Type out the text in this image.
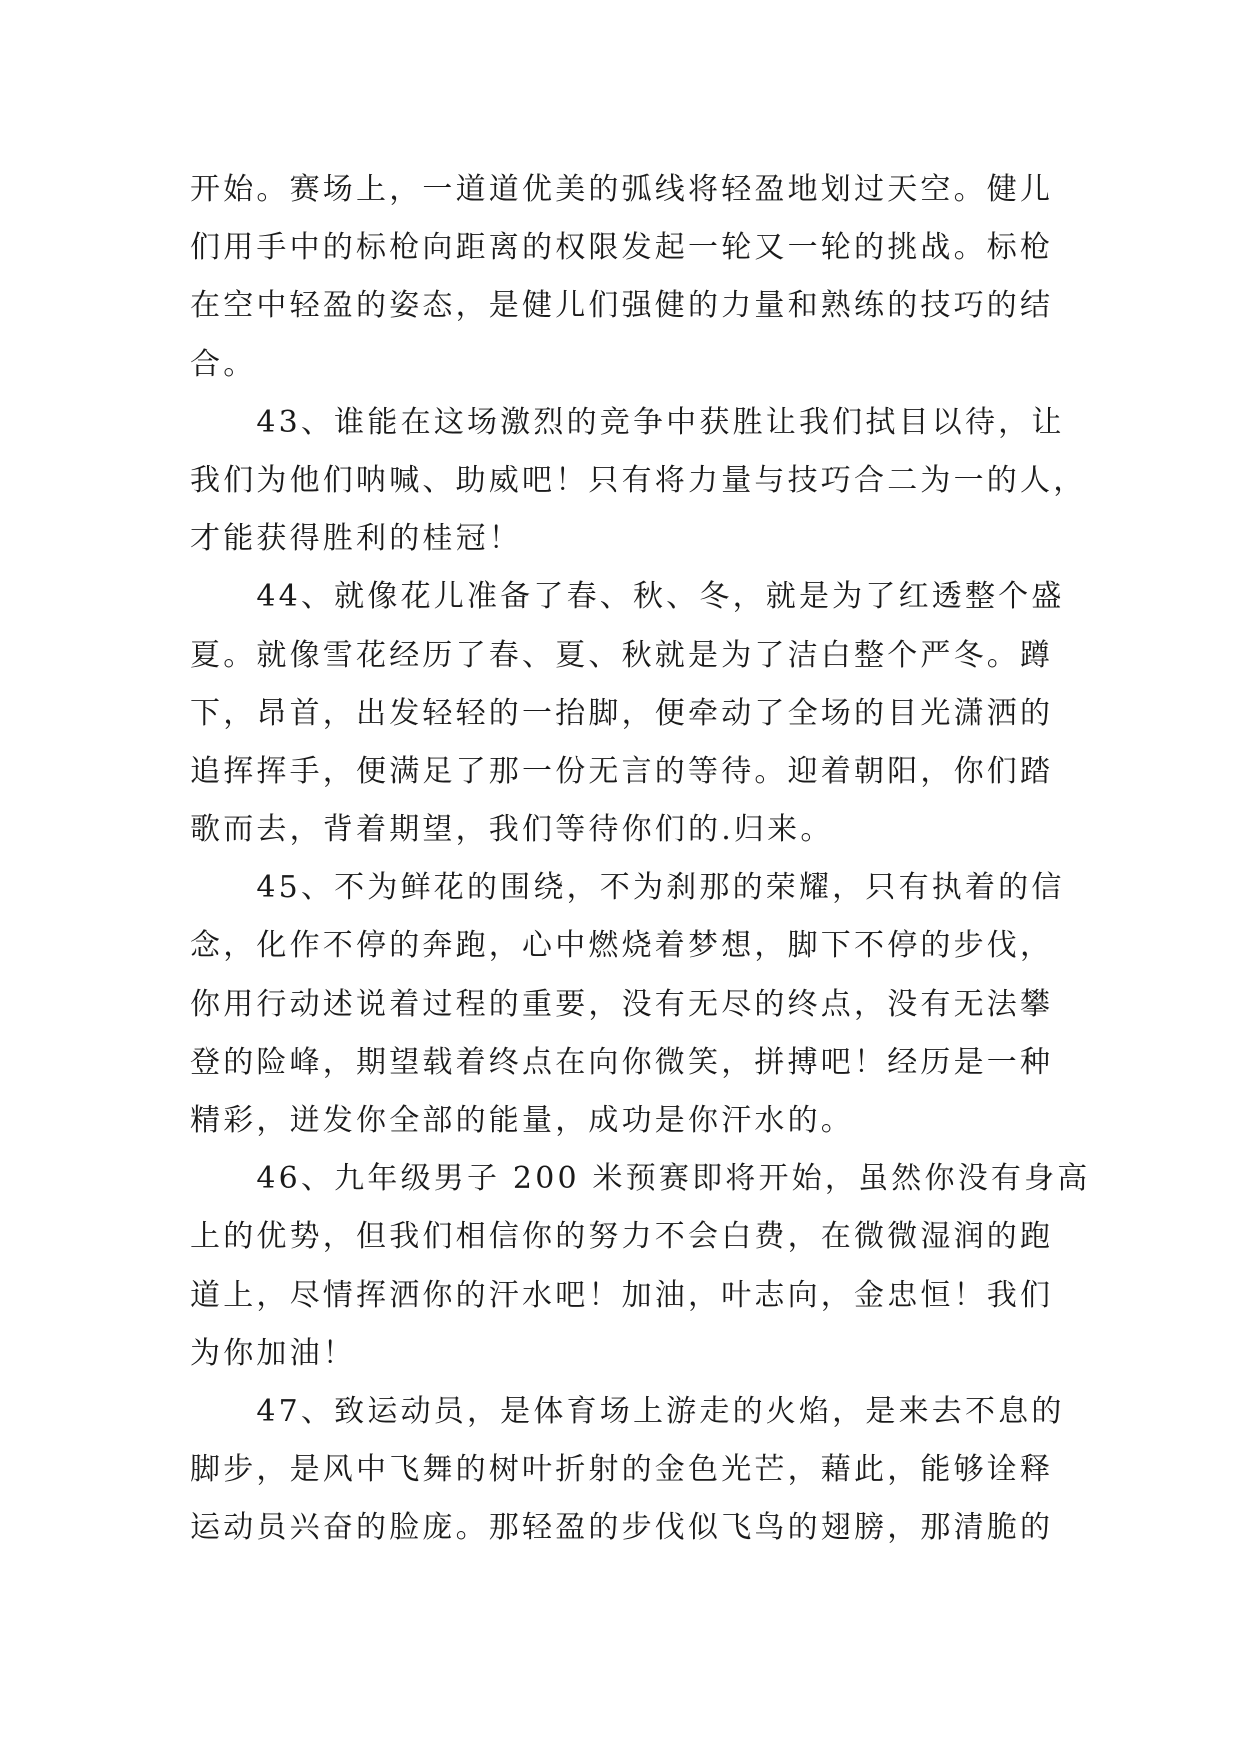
开始。赛场上，一道道优美的弧线将轻盈地划过天空。健儿
们用手中的标枪向距离的权限发起一轮又一轮的挑战。标枪
在空中轻盈的姿态，是健儿们强健的力量和熟练的技巧的结
合。
　　43、谁能在这场激烈的竞争中获胜让我们拭目以待，让
我们为他们呐喊、助威吧！只有将力量与技巧合二为一的人，
才能获得胜利的桂冠！
　　44、就像花儿准备了春、秋、冬，就是为了红透整个盛
夏。就像雪花经历了春、夏、秋就是为了洁白整个严冬。蹲
下，昂首，出发轻轻的一抬脚，便牵动了全场的目光潇洒的
追挥挥手，便满足了那一份无言的等待。迎着朝阳，你们踏
歌而去，背着期望，我们等待你们的.归来。
　　45、不为鲜花的围绕，不为刹那的荣耀，只有执着的信
念，化作不停的奔跑，心中燃烧着梦想，脚下不停的步伐，
你用行动述说着过程的重要，没有无尽的终点，没有无法攀
登的险峰，期望载着终点在向你微笑，拼搏吧！经历是一种
精彩，迸发你全部的能量，成功是你汗水的。
　　46、九年级男子 200 米预赛即将开始，虽然你没有身高
上的优势，但我们相信你的努力不会白费，在微微湿润的跑
道上，尽情挥洒你的汗水吧！加油，叶志向，金忠恒！我们
为你加油！
　　47、致运动员，是体育场上游走的火焰，是来去不息的
脚步，是风中飞舞的树叶折射的金色光芒，藉此，能够诠释
运动员兴奋的脸庞。那轻盈的步伐似飞鸟的翅膀，那清脆的
